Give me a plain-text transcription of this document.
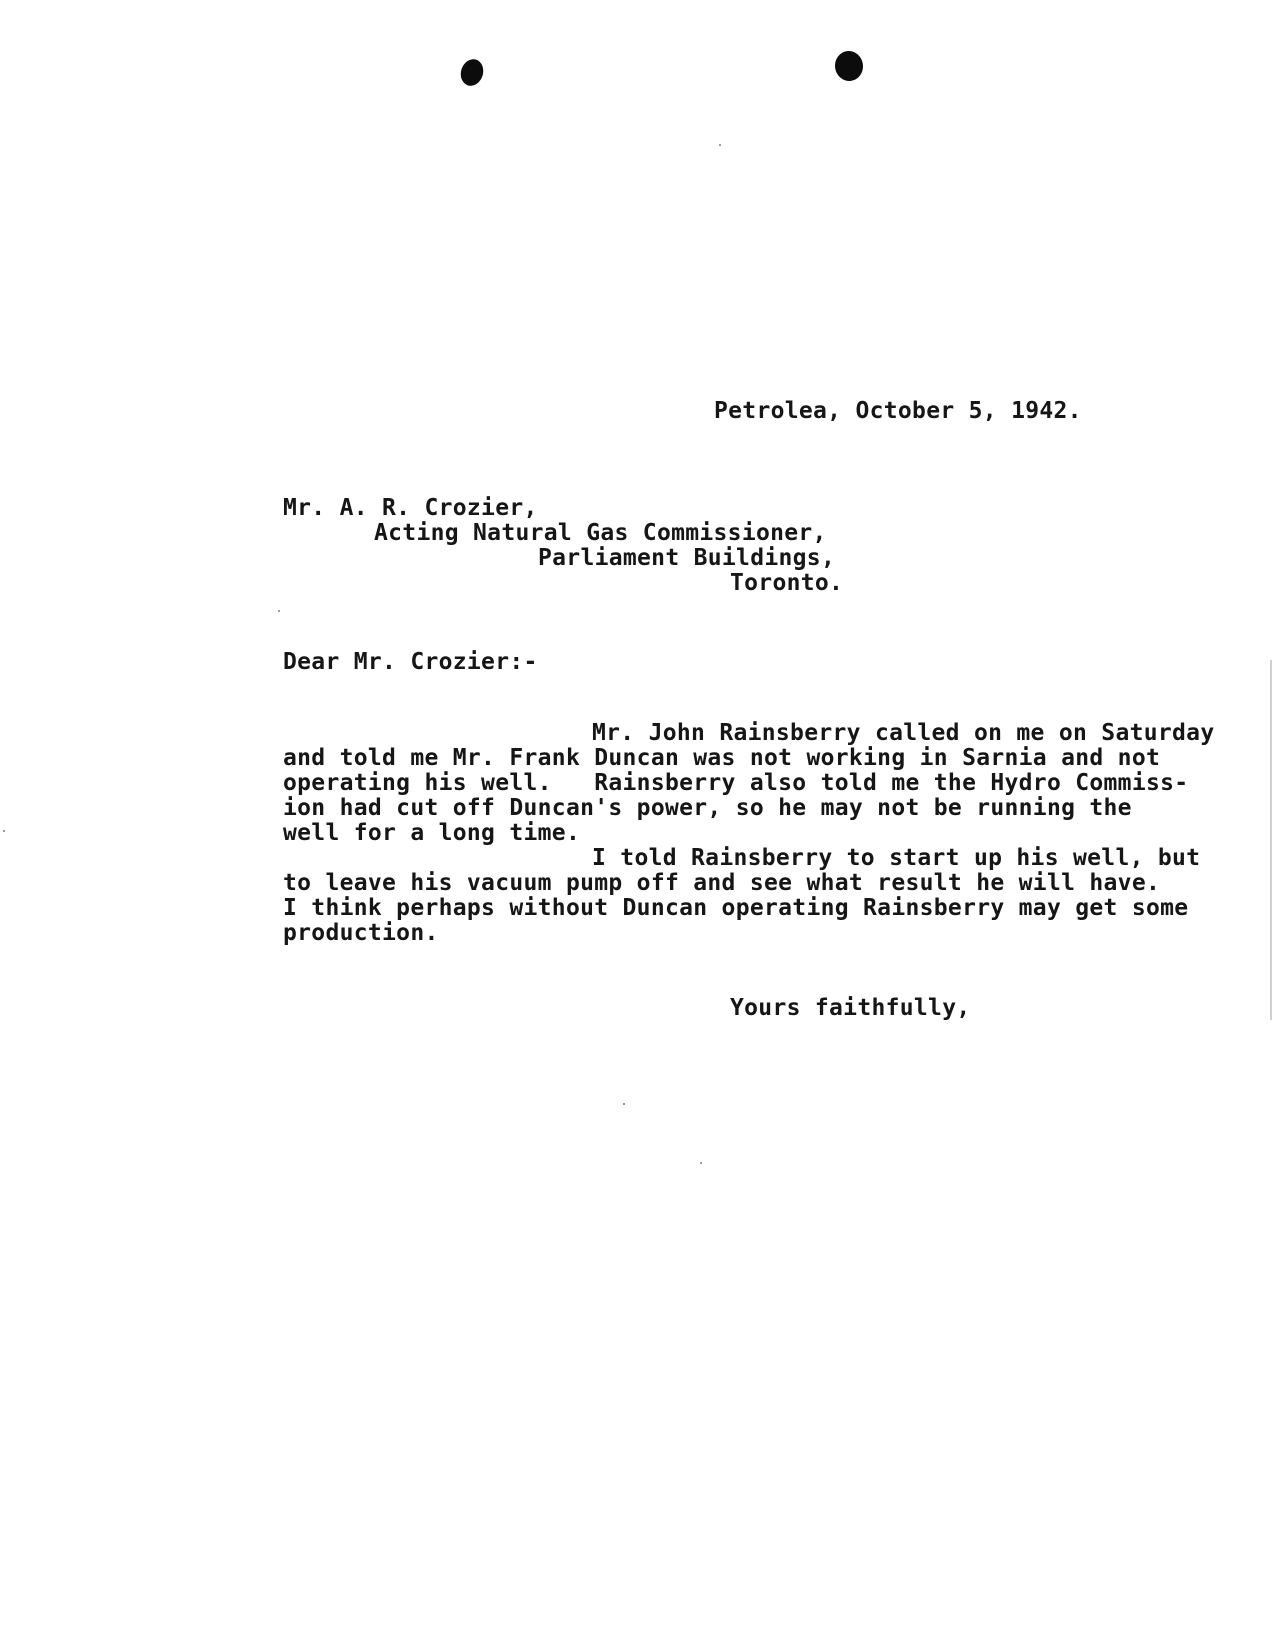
Petrolea, October 5, 1942.
Mr. A. R. Crozier,
Acting Natural Gas Commissioner,
Parliament Buildings,
Toronto.
Dear Mr. Crozier:-
Mr. John Rainsberry called on me on Saturday
and told me Mr. Frank Duncan was not working in Sarnia and not
operating his well.   Rainsberry also told me the Hydro Commiss-
ion had cut off Duncan's power, so he may not be running the
well for a long time.
I told Rainsberry to start up his well, but
to leave his vacuum pump off and see what result he will have.
I think perhaps without Duncan operating Rainsberry may get some
production.
Yours faithfully,
